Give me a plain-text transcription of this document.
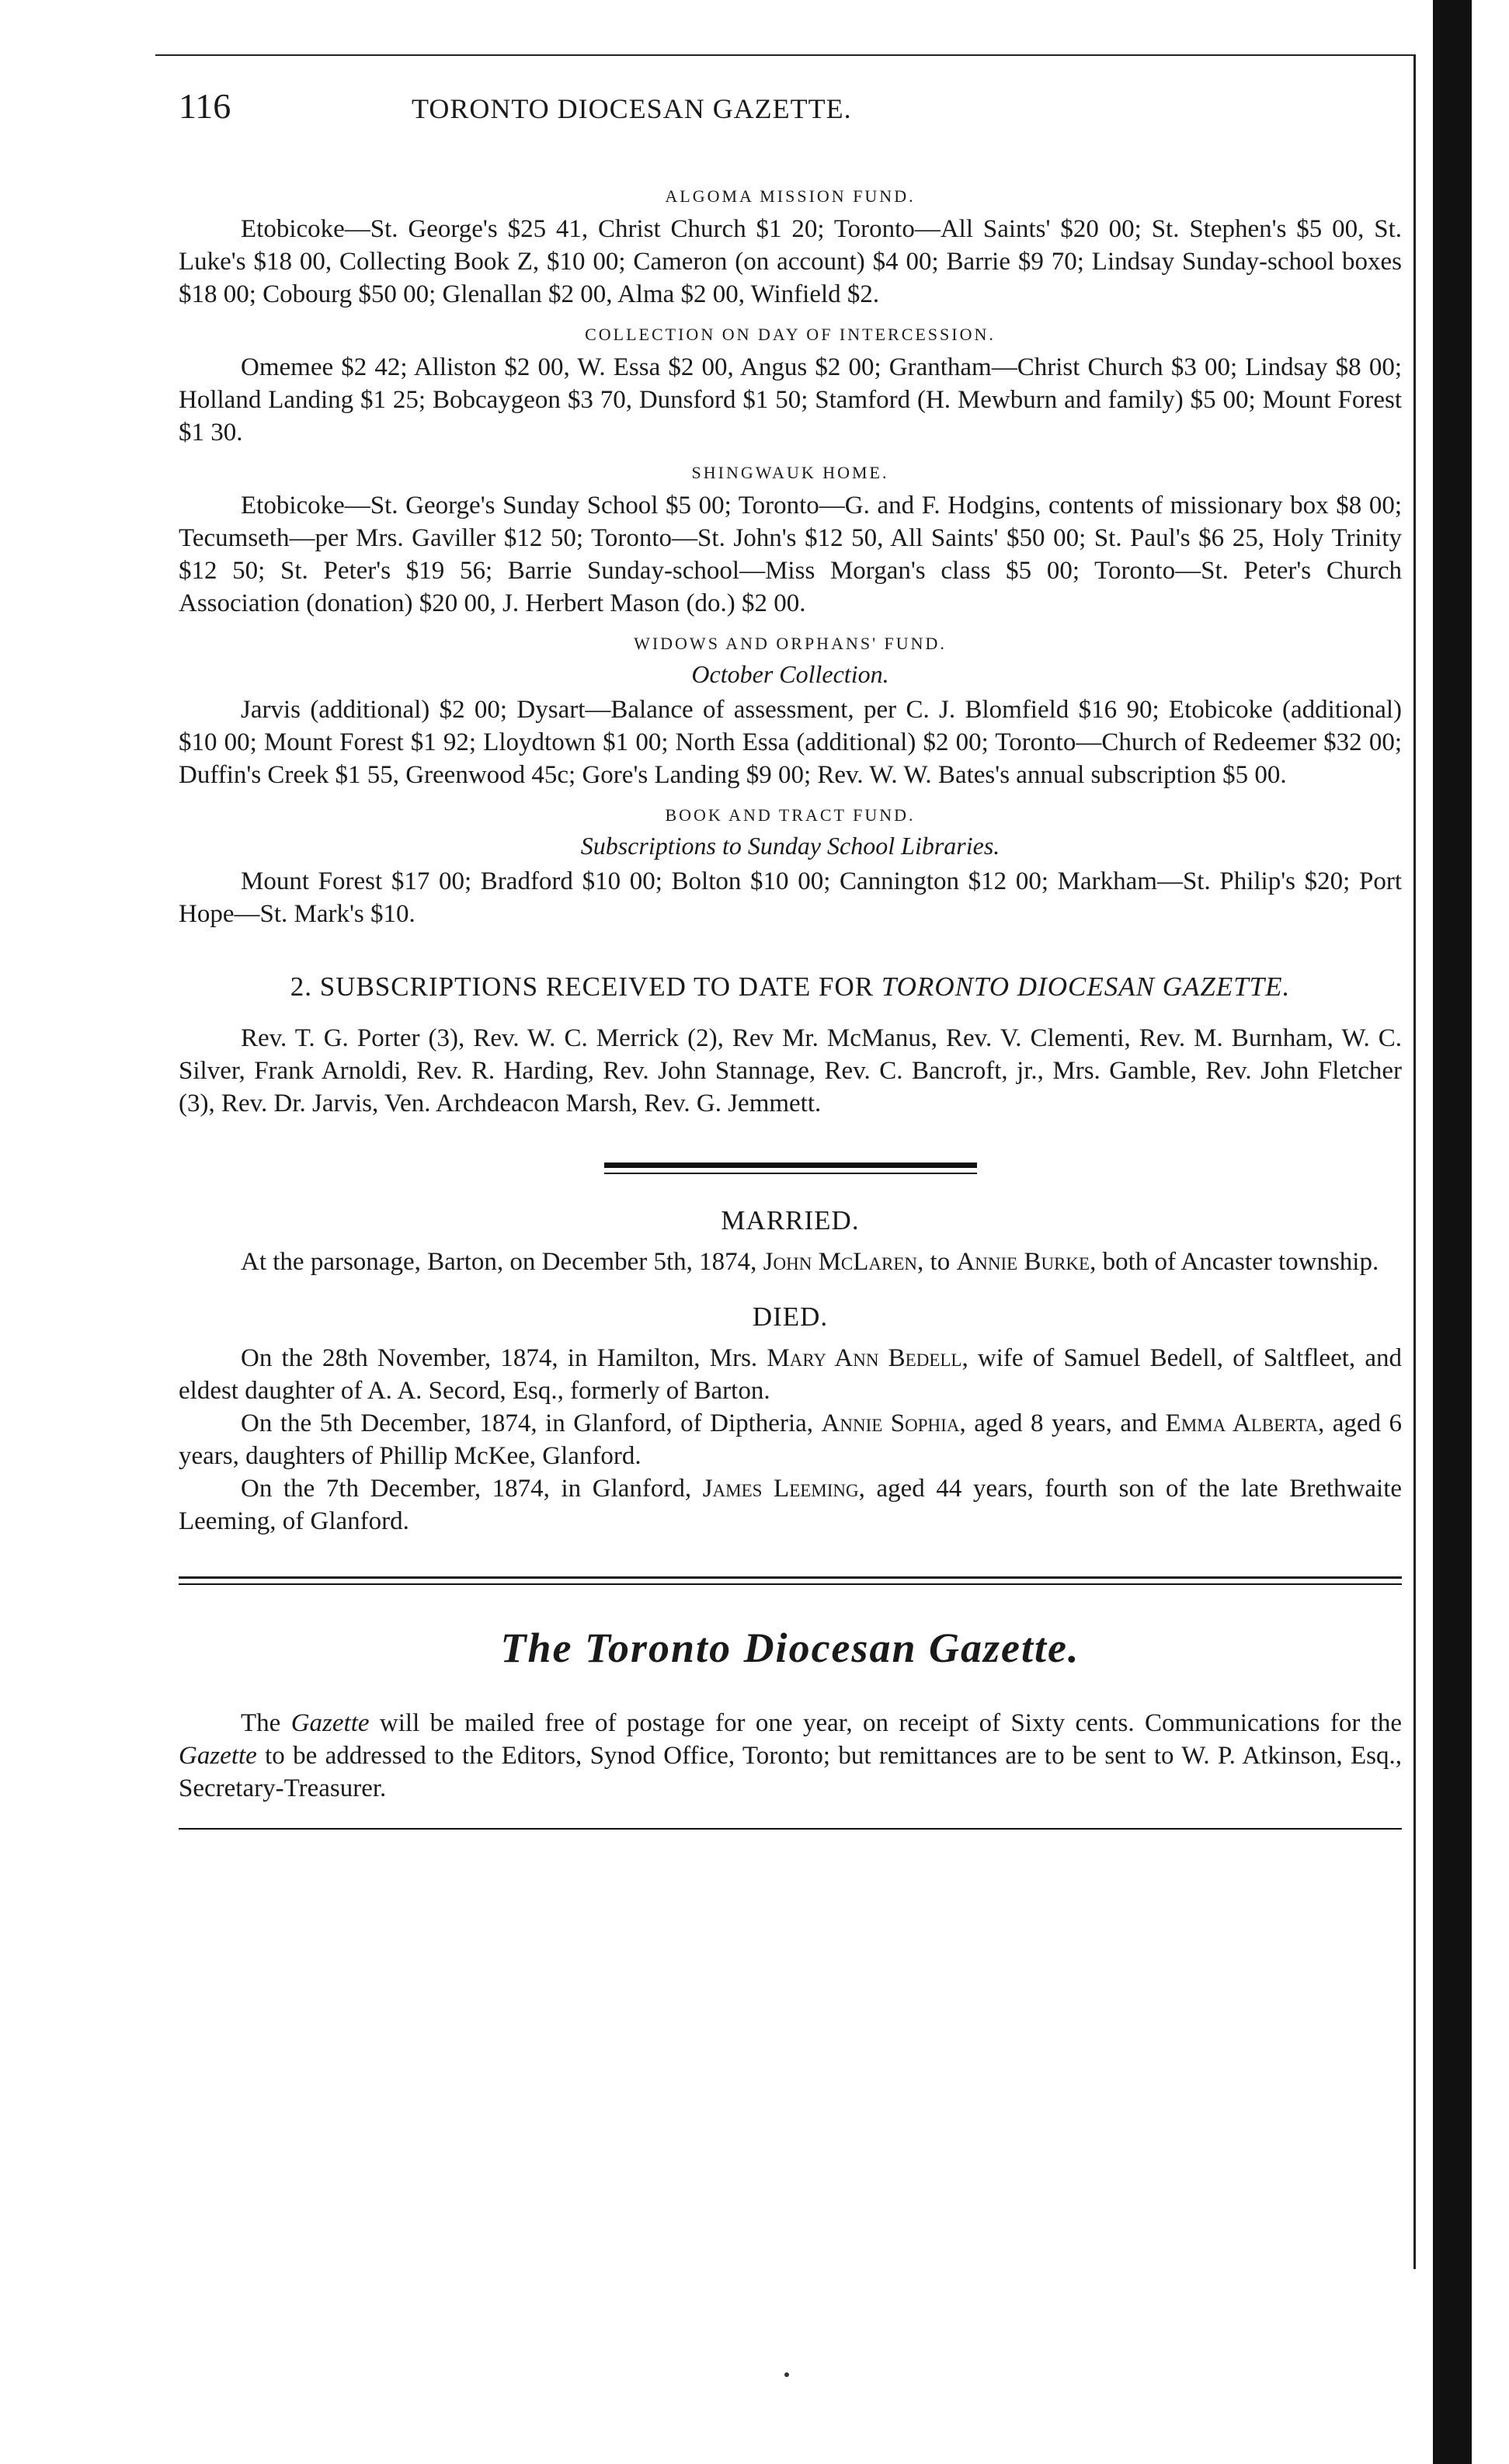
116	TORONTO DIOCESAN GAZETTE.
ALGOMA MISSION FUND.

Etobicoke—St. George's $25 41, Christ Church $1 20; Toronto—All Saints' $20 00; St. Stephen's $5 00, St. Luke's $18 00, Collecting Book Z, $10 00; Cameron (on account) $4 00; Barrie $9 70; Lindsay Sunday-school boxes $18 00; Cobourg $50 00; Glenallan $2 00, Alma $2 00, Winfield $2.

COLLECTION ON DAY OF INTERCESSION.

Omemee $2 42; Alliston $2 00, W. Essa $2 00, Angus $2 00; Grantham—Christ Church $3 00; Lindsay $8 00; Holland Landing $1 25; Bobcaygeon $3 70, Dunsford $1 50; Stamford (H. Mewburn and family) $5 00; Mount Forest $1 30.

SHINGWAUK HOME.

Etobicoke—St. George's Sunday School $5 00; Toronto—G. and F. Hodgins, contents of missionary box $8 00; Tecumseth—per Mrs. Gaviller $12 50; Toronto—St. John's $12 50, All Saints' $50 00; St. Paul's $6 25, Holy Trinity $12 50; St. Peter's $19 56; Barrie Sunday-school—Miss Morgan's class $5 00; Toronto—St. Peter's Church Association (donation) $20 00, J. Herbert Mason (do.) $2 00.

WIDOWS AND ORPHANS' FUND.
October Collection.

Jarvis (additional) $2 00; Dysart—Balance of assessment, per C. J. Blomfield $16 90; Etobicoke (additional) $10 00; Mount Forest $1 92; Lloydtown $1 00; North Essa (additional) $2 00; Toronto—Church of Redeemer $32 00; Duffin's Creek $1 55, Greenwood 45c; Gore's Landing $9 00; Rev. W. W. Bates's annual subscription $5 00.

BOOK AND TRACT FUND.
Subscriptions to Sunday School Libraries.

Mount Forest $17 00; Bradford $10 00; Bolton $10 00; Cannington $12 00; Markham—St. Philip's $20; Port Hope—St. Mark's $10.

2. SUBSCRIPTIONS RECEIVED TO DATE FOR TORONTO DIOCESAN GAZETTE.

Rev. T. G. Porter (3), Rev. W. C. Merrick (2), Rev Mr. McManus, Rev. V. Clementi, Rev. M. Burnham, W. C. Silver, Frank Arnoldi, Rev. R. Harding, Rev. John Stannage, Rev. C. Bancroft, jr., Mrs. Gamble, Rev. John Fletcher (3), Rev. Dr. Jarvis, Ven. Archdeacon Marsh, Rev. G. Jemmett.

MARRIED.

At the parsonage, Barton, on December 5th, 1874, John McLaren, to Annie Burke, both of Ancaster township.

DIED.

On the 28th November, 1874, in Hamilton, Mrs. Mary Ann Bedell, wife of Samuel Bedell, of Saltfleet, and eldest daughter of A. A. Secord, Esq., formerly of Barton.

On the 5th December, 1874, in Glanford, of Diptheria, Annie Sophia, aged 8 years, and Emma Alberta, aged 6 years, daughters of Phillip McKee, Glanford.

On the 7th December, 1874, in Glanford, James Leeming, aged 44 years, fourth son of the late Brethwaite Leeming, of Glanford.

The Toronto Diocesan Gazette.

The Gazette will be mailed free of postage for one year, on receipt of Sixty cents. Communications for the Gazette to be addressed to the Editors, Synod Office, Toronto; but remittances are to be sent to W. P. Atkinson, Esq., Secretary-Treasurer.
